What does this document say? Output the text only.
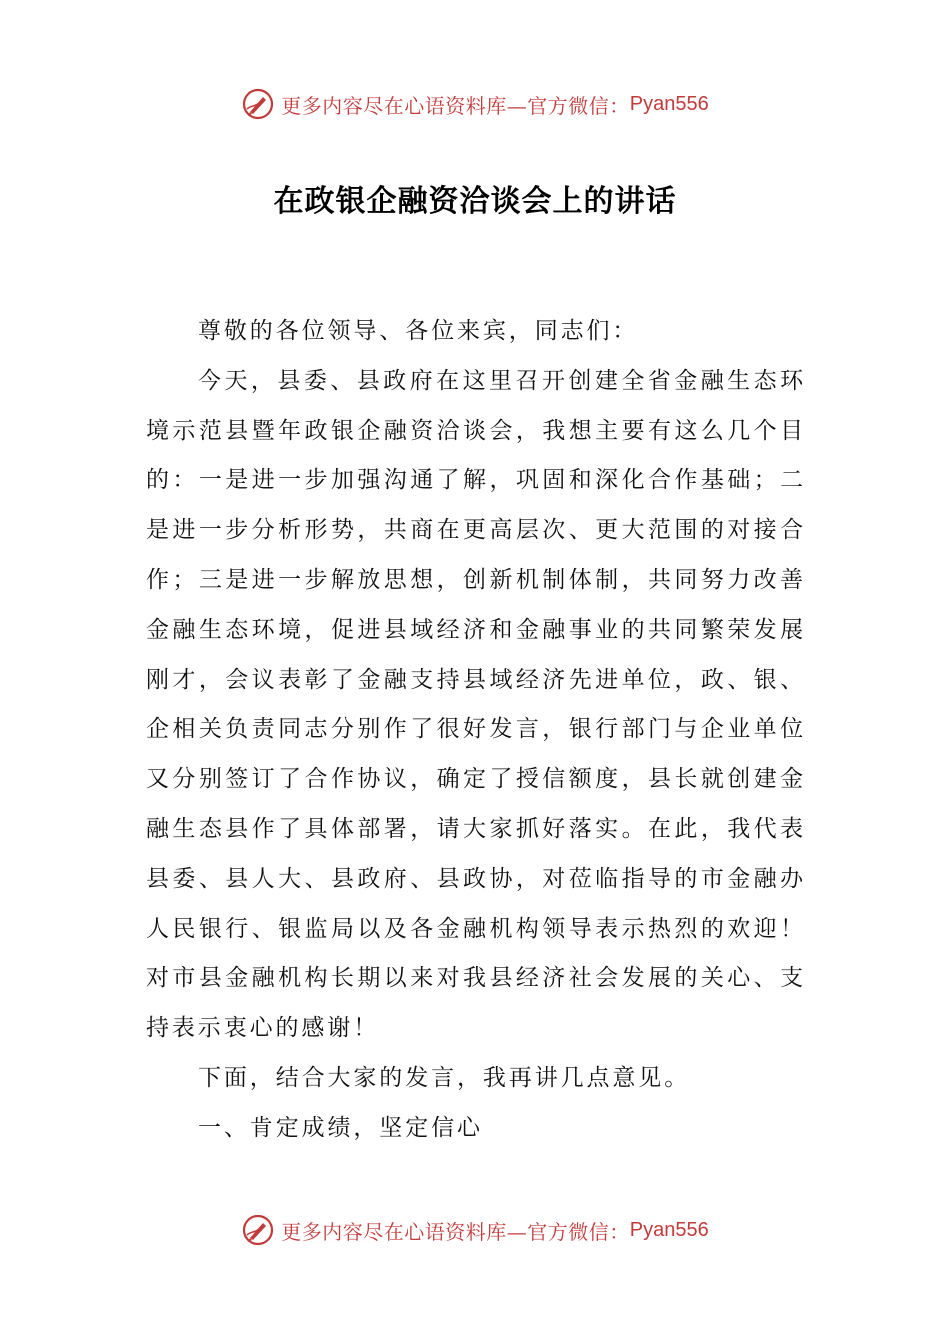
更多内容尽在心语资料库—官方微信： Pyan556
在政银企融资洽谈会上的讲话

尊敬的各位领导、各位来宾，同志们：

今天，县委、县政府在这里召开创建全省金融生态环境示范县暨年政银企融资洽谈会，我想主要有这么几个目的：一是进一步加强沟通了解，巩固和深化合作基础；二是进一步分析形势，共商在更高层次、更大范围的对接合作；三是进一步解放思想，创新机制体制，共同努力改善金融生态环境，促进县域经济和金融事业的共同繁荣发展刚才，会议表彰了金融支持县域经济先进单位，政、银、企相关负责同志分别作了很好发言，银行部门与企业单位又分别签订了合作协议，确定了授信额度，县长就创建金融生态县作了具体部署，请大家抓好落实。在此，我代表县委、县人大、县政府、县政协，对莅临指导的市金融办人民银行、银监局以及各金融机构领导表示热烈的欢迎！对市县金融机构长期以来对我县经济社会发展的关心、支持表示衷心的感谢！

下面，结合大家的发言，我再讲几点意见。

一、肯定成绩，坚定信心

更多内容尽在心语资料库—官方微信： Pyan556
